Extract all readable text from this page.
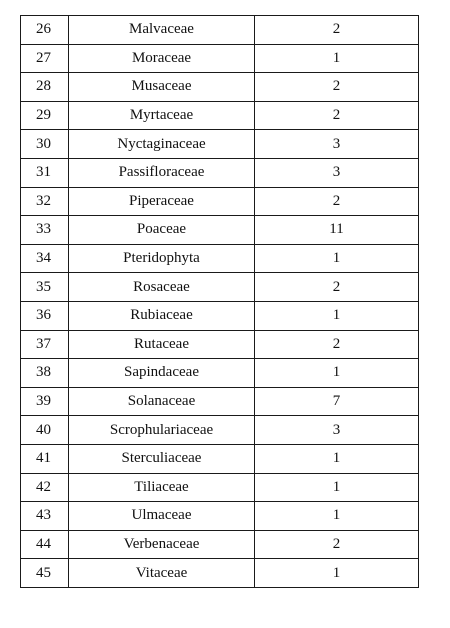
26	Malvaceae	2
27	Moraceae	1
28	Musaceae	2
29	Myrtaceae	2
30	Nyctaginaceae	3
31	Passifloraceae	3
32	Piperaceae	2
33	Poaceae	11
34	Pteridophyta	1
35	Rosaceae	2
36	Rubiaceae	1
37	Rutaceae	2
38	Sapindaceae	1
39	Solanaceae	7
40	Scrophulariaceae	3
41	Sterculiaceae	1
42	Tiliaceae	1
43	Ulmaceae	1
44	Verbenaceae	2
45	Vitaceae	1
